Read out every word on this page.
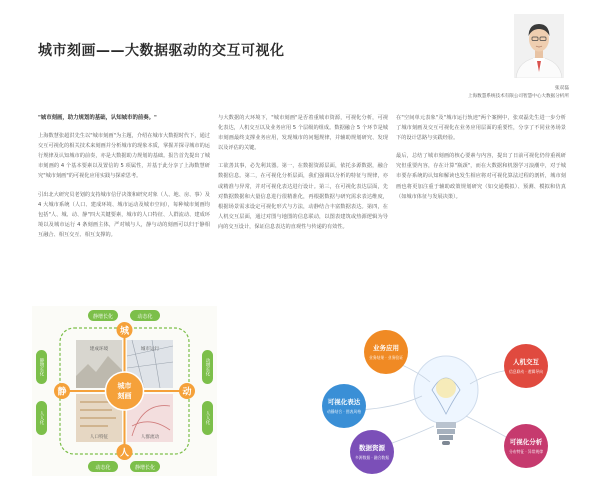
城市刻画——大数据驱动的交互可视化
张双磊
上海数慧系统技术有限公司智慧中心大数据分析所

"城市刻画，助力规划的基础，认知城市的前奏。"

上海数慧张超洪先生以"城市刻画"为主题，介绍在城市大数据时代下，通过交互可视化的相关技术来刻画并分析城市的现象本质，掌握并探寻城市的运行规律及认知城市的前奏，亦是大数据助力规划的基础。报告首先提出了城市刻画的 4 个基本要素以及置信的 5 项属性，并基于此分享了上海数慧研究"城市刻画"的可视化应用实践与探索思考。

引出北大研究员老划的支持城市信仔决策和研究对象（人、地、房、事）及 4 大城市系统（人口、建成环境、城市运动及城市空间），每种城市刻画均包括"人、城、动、静"四大关键要素，城市的人口特征、人群流动、建成环境以及城市运行 4 条刻画主体，严对城与人，静与动的刻画可以归于静相互融合、相互交互、相互支撑的。

与大数据的大环境下，"城市刻画"是否着重城市资源，可视化分析，可视化表达，人机交互以及业务应用 5 个层级的组成。数据融合 5 个环节是城市刻画最终支撑业务应用，发现城市的问题规律，并辅助规划研究、发现以及评估的关键。

工欲善其事，必先利其器。第一，在数据资源层面，依托多源数据，融合数据信息。第二，在可视化分析层面，我们强调以分析的特征与规律，亦或精准与异常，并对可视化表达进行设计。第三，在可视化表达层面，先对数据数据和大量信息进行很精准化，再根据数据与研究需求表达维度，根据场景需求设定可视化形式与方法，动静结合丰富数据表达。第四，在人机交互层面，通过对图与地图的信息联动，以图表建筑或热源逻辑为导向的交互设计，保证信息表达的直观性与传递的有效性。

在"空间单元表象"及"城市运行轨迹"两个案例中，张双磊先生进一步分析了城市刻画及交互可视化在业务应用层面的重要性，分享了不同业务场景下的设计思路与实践经验。

最后，总结了城市刻画的核心要素与内容，提出了日前可视化仍待重视研究但重要内容，存在计算"瓶颈"，而在大数据和机器学习浪潮中，对于城市要存系统的认知和解读也发生相应将对可视化算法过程的剖析，城市刻画也将更加注重于辅助政策规划研究（如交通模拟）、预测、模拟和仿真（如城市体征与发展决策）。

静增长化	动态化
动态化	静增长化
静增长化
人人化
动增长化
人人化
建成环境	城市运行
人口特征	人群流动
城
人
静	动
城市
刻画
业务应用
业务结果 · 业务验证
可视化表达
动静结合 · 图表风格
数据资源
多源数据 · 融合数据
人机交互
信息联动 · 逻辑导向
可视化分析
分布特征 · 异常规律
